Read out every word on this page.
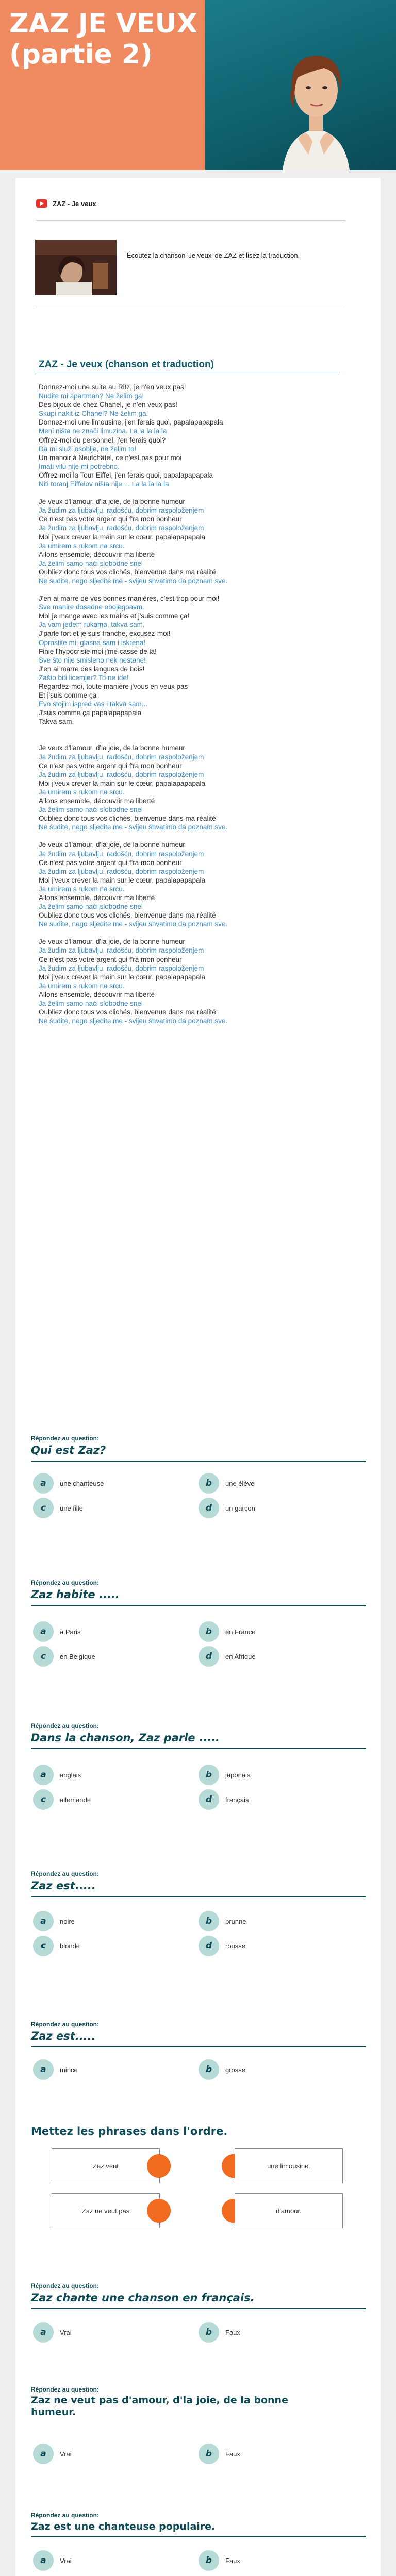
ZAZ JE VEUX (partie 2)
ZAZ - Je veux
Écoutez la chanson 'Je veux' de ZAZ et lisez la traduction.
ZAZ - Je veux (chanson et traduction)
Donnez-moi une suite au Ritz, je n'en veux pas!
Nudite mi apartman? Ne želim ga!
Des bijoux de chez Chanel, je n'en veux pas!
Skupi nakit iz Chanel? Ne želim ga!
Donnez-moi une limousine, j'en ferais quoi, papalapapapala
Meni ništa ne znači limuzina. La la la la la
Offrez-moi du personnel, j'en ferais quoi?
Da mi služi osoblje, ne želim to!
Un manoir à Neufchâtel, ce n'est pas pour moi
Imati vilu nije mi potrebno.
Offrez-moi la Tour Eiffel, j'en ferais quoi, papalapapapala
Niti toranj Eiffelov ništa nije.... La la la la la
Je veux d'l'amour, d'la joie, de la bonne humeur
Ja žudim za ljubavlju, radošću, dobrim raspoloženjem
Ce n'est pas votre argent qui f'ra mon bonheur
Ja žudim za ljubavlju, radošću, dobrim raspoloženjem
Moi j'veux crever la main sur le cœur, papalapapapala
Ja umirem s rukom na srcu.
Allons ensemble, découvrir ma liberté
Ja želim samo naći slobodne snel
Oubliez donc tous vos clichés, bienvenue dans ma réalité
Ne sudite, nego sljedite me - svijeu shvatimo da poznam sve.
J'en ai marre de vos bonnes manières, c'est trop pour moi!
Sve manire dosadne obojegoavm.
Moi je mange avec les mains et j'suis comme ça!
Ja vam jedem rukama, takva sam.
J'parle fort et je suis franche, excusez-moi!
Oprostite mi, glasna sam i iskrena!
Finie l'hypocrisie moi j'me casse de là!
Sve što nije smisleno nek nestane!
J'en ai marre des langues de bois!
Zašto biti licemjer? To ne ide!
Regardez-moi, toute manière j'vous en veux pas
Et j'suis comme ça
Evo stojim ispred vas i takva sam...
J'suis comme ça papalapapapala
Takva sam.
Je veux d'l'amour, d'la joie, de la bonne humeur
Ja žudim za ljubavlju, radošću, dobrim raspoloženjem
Ce n'est pas votre argent qui f'ra mon bonheur
Ja žudim za ljubavlju, radošću, dobrim raspoloženjem
Moi j'veux crever la main sur le cœur, papalapapapala
Ja umirem s rukom na srcu.
Allons ensemble, découvrir ma liberté
Ja želim samo naći slobodne snel
Oubliez donc tous vos clichés, bienvenue dans ma réalité
Ne sudite, nego sljedite me - svijeu shvatimo da poznam sve.
Je veux d'l'amour, d'la joie, de la bonne humeur
Ja žudim za ljubavlju, radošću, dobrim raspoloženjem
Ce n'est pas votre argent qui f'ra mon bonheur
Ja žudim za ljubavlju, radošću, dobrim raspoloženjem
Moi j'veux crever la main sur le cœur, papalapapapala
Ja umirem s rukom na srcu.
Allons ensemble, découvrir ma liberté
Ja želim samo naći slobodne snel
Oubliez donc tous vos clichés, bienvenue dans ma réalité
Ne sudite, nego sljedite me - svijeu shvatimo da poznam sve.
Je veux d'l'amour, d'la joie, de la bonne humeur
Ja žudim za ljubavlju, radošću, dobrim raspoloženjem
Ce n'est pas votre argent qui f'ra mon bonheur
Ja žudim za ljubavlju, radošću, dobrim raspoloženjem
Moi j'veux crever la main sur le cœur, papalapapapala
Ja umirem s rukom na srcu.
Allons ensemble, découvrir ma liberté
Ja želim samo naći slobodne snel
Oubliez donc tous vos clichés, bienvenue dans ma réalité
Ne sudite, nego sljedite me - svijeu shvatimo da poznam sve.
Répondez au question:
Qui est Zaz?
a	une chanteuse	b	une élève
c	une fille	d	un garçon
Répondez au question:
Zaz habite .....
a	à Paris	b	en France
c	en Belgique	d	en Afrique
Répondez au question:
Dans la chanson, Zaz parle .....
a	anglais	b	japonais
c	allemande	d	français
Répondez au question:
Zaz est.....
a	noire	b	brunne
c	blonde	d	rousse
Répondez au question:
Zaz est.....
a	mince	b	grosse
Mettez les phrases dans l'ordre.
Zaz veut	une limousine.
Zaz ne veut pas	d'amour.
Répondez au question:
Zaz chante une chanson en français.
a	Vrai	b	Faux
Répondez au question:
Zaz ne veut pas d'amour, d'la joie, de la bonne humeur.
a	Vrai	b	Faux
Répondez au question:
Zaz est une chanteuse populaire.
a	Vrai	b	Faux
